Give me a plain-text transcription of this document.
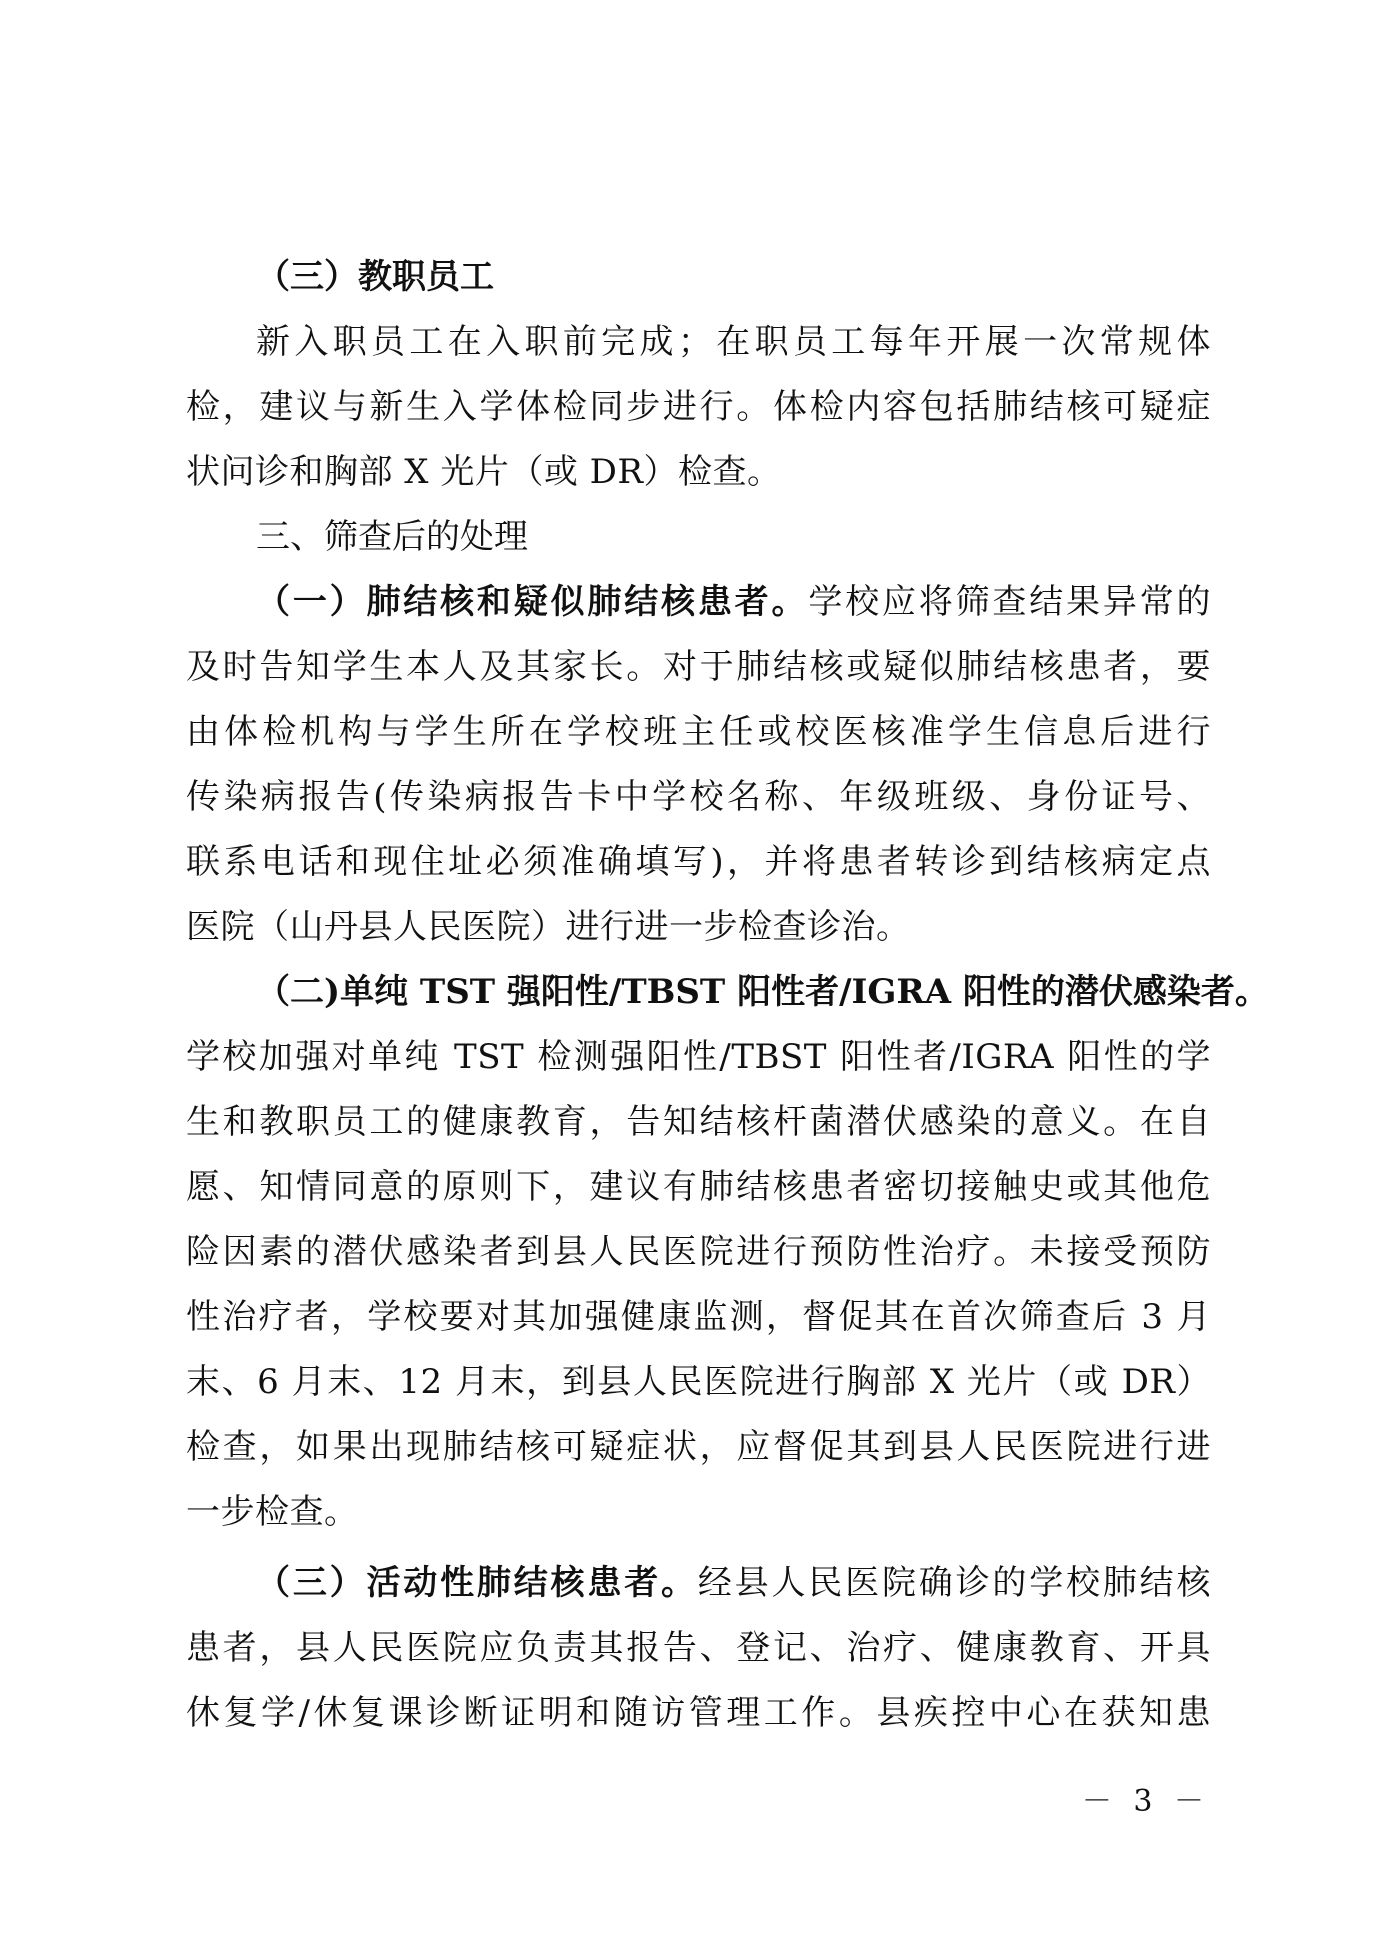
（三）教职员工
新入职员工在入职前完成；在职员工每年开展一次常规体
检，建议与新生入学体检同步进行。体检内容包括肺结核可疑症
状问诊和胸部 X 光片（或 DR）检查。
三、筛查后的处理
（一）肺结核和疑似肺结核患者。学校应将筛查结果异常的
及时告知学生本人及其家长。对于肺结核或疑似肺结核患者，要
由体检机构与学生所在学校班主任或校医核准学生信息后进行
传染病报告(传染病报告卡中学校名称、年级班级、身份证号、
联系电话和现住址必须准确填写)，并将患者转诊到结核病定点
医院（山丹县人民医院）进行进一步检查诊治。
（二)单纯 TST 强阳性/TBST 阳性者/IGRA 阳性的潜伏感染者。
学校加强对单纯 TST 检测强阳性/TBST 阳性者/IGRA 阳性的学
生和教职员工的健康教育，告知结核杆菌潜伏感染的意义。在自
愿、知情同意的原则下，建议有肺结核患者密切接触史或其他危
险因素的潜伏感染者到县人民医院进行预防性治疗。未接受预防
性治疗者，学校要对其加强健康监测，督促其在首次筛查后 3 月
末、6 月末、12 月末，到县人民医院进行胸部 X 光片（或 DR）
检查，如果出现肺结核可疑症状，应督促其到县人民医院进行进
一步检查。
（三）活动性肺结核患者。经县人民医院确诊的学校肺结核
患者，县人民医院应负责其报告、登记、治疗、健康教育、开具
休复学/休复课诊断证明和随访管理工作。县疾控中心在获知患
－ 3 －
